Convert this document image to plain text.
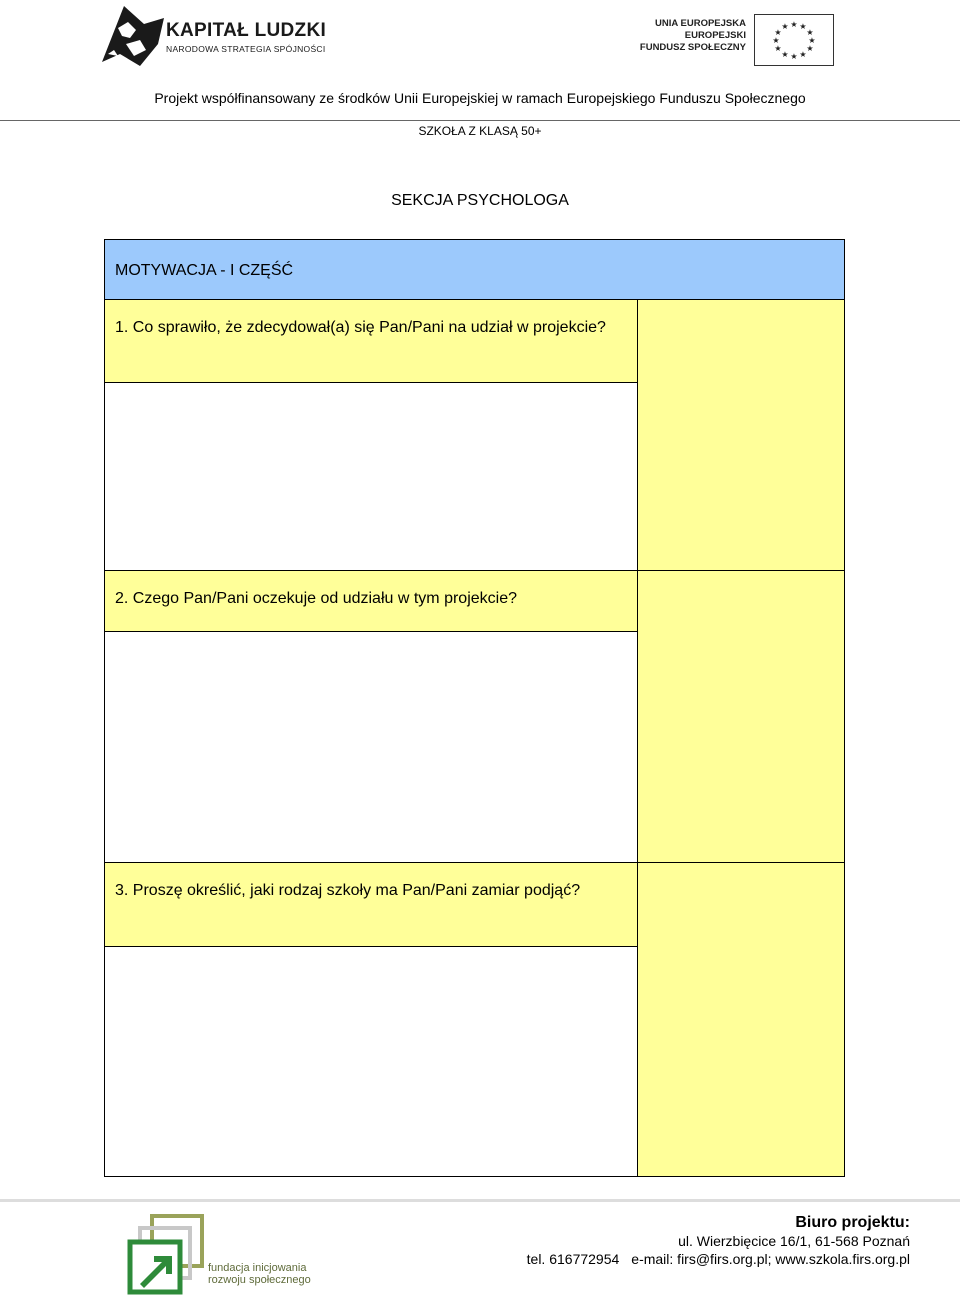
KAPITAŁ LUDZKI
NARODOWA STRATEGIA SPÓJNOŚCI
UNIA EUROPEJSKA
EUROPEJSKI
FUNDUSZ SPOŁECZNY
★ ★
★
★
★
★
★
★
★
★
★
★
Projekt współfinansowany ze środków Unii Europejskiej w ramach Europejskiego Funduszu Społecznego
SZKOŁA Z KLASĄ 50+
SEKCJA PSYCHOLOGA
MOTYWACJA - I CZĘŚĆ
1. Co sprawiło, że zdecydował(a) się Pan/Pani na udział w projekcie?
2. Czego Pan/Pani oczekuje od udziału w tym projekcie?
3. Proszę określić, jaki rodzaj szkoły ma Pan/Pani zamiar podjąć?
fundacja inicjowania
rozwoju społecznego
Biuro projektu:
ul. Wierzbięcice 16/1, 61-568 Poznań
tel. 616772954 e-mail: firs@firs.org.pl; www.szkola.firs.org.pl
